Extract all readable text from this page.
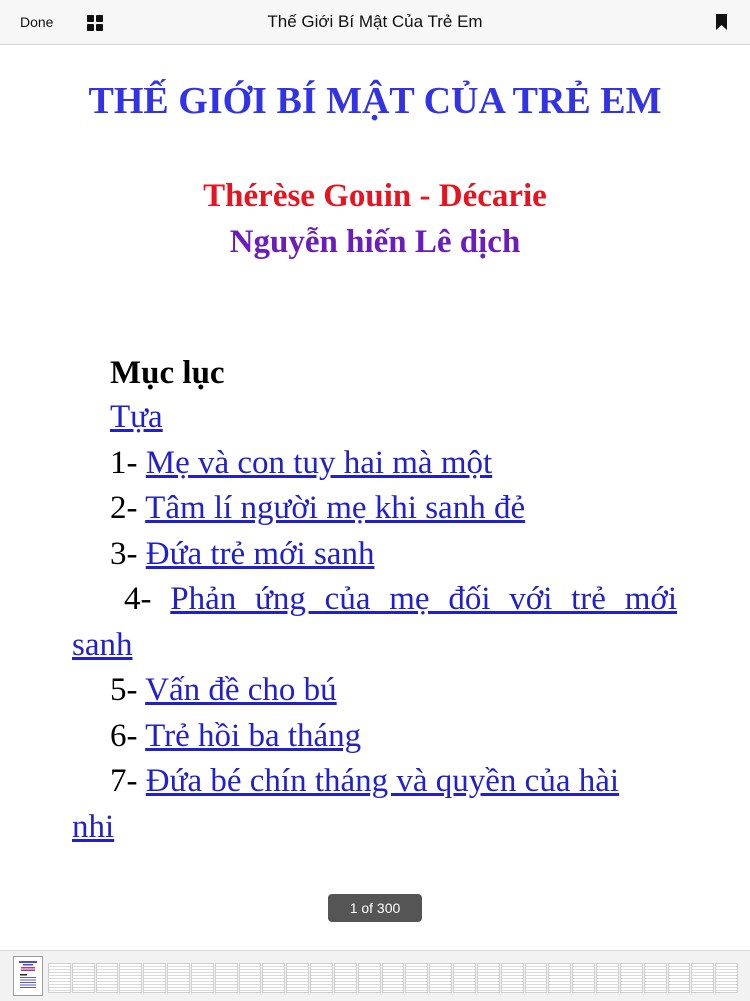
Done	Thế Giới Bí Mật Của Trẻ Em
THẾ GIỚI BÍ MẬT CỦA TRẺ EM
Thérèse Gouin - Décarie
Nguyễn hiến Lê dịch
Mục lục
Tựa
1- Mẹ và con tuy hai mà một
2- Tâm lí người mẹ khi sanh đẻ
3- Đứa trẻ mới sanh
4- Phản ứng của mẹ đối với trẻ mới
sanh
5- Vấn đề cho bú
6- Trẻ hồi ba tháng
7- Đứa bé chín tháng và quyền của hài
nhi
1 of 300
